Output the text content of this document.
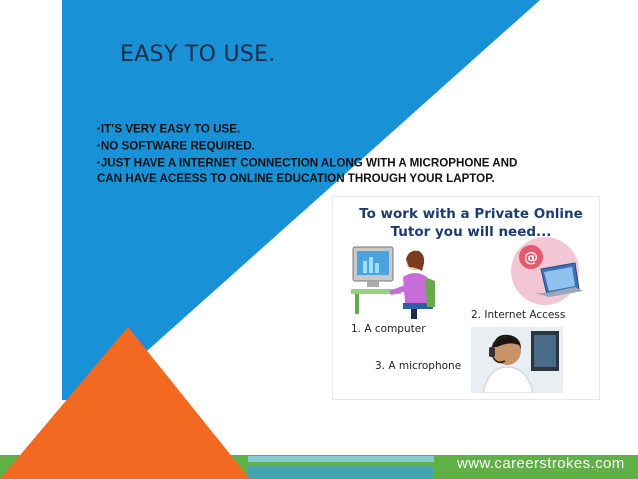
EASY TO USE.
▪IT’S VERY EASY TO USE.
▪NO SOFTWARE REQUIRED.
▪JUST HAVE A INTERNET CONNECTION ALONG WITH A MICROPHONE AND CAN HAVE ACEESS TO ONLINE EDUCATION THROUGH YOUR LAPTOP.
To work with a Private Online Tutor you will need...
1. A computer
@
2. Internet Access
3. A microphone
www.careerstrokes.com
